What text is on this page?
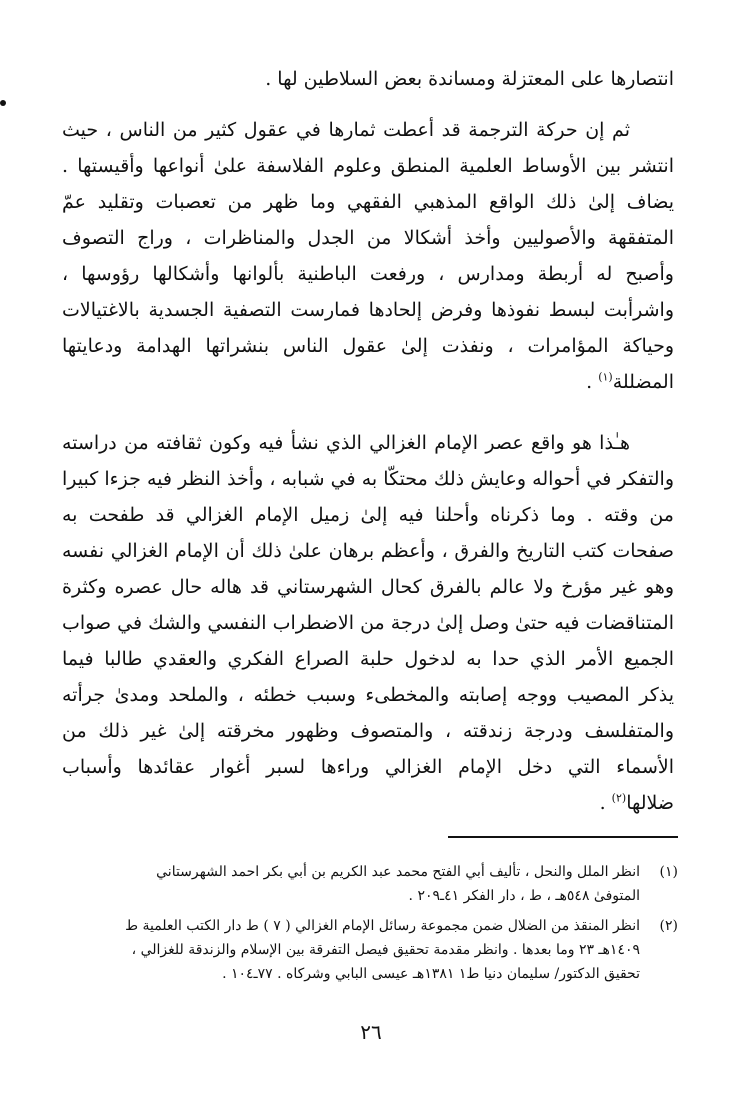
انتصارها على المعتزلة ومساندة بعض السلاطين لها .
ثم إن حركة الترجمة قد أعطت ثمارها في عقول كثير من الناس ، حيث
انتشر بين الأوساط العلمية المنطق وعلوم الفلاسفة علىٰ أنواعها وأقيستها .
يضاف إلىٰ ذلك الواقع المذهبي الفقهي وما ظهر من تعصبات وتقليد عمّ
المتفقهة والأصوليين وأخذ أشكالا من الجدل والمناظرات ، وراج التصوف
وأصبح له أربطة ومدارس ، ورفعت الباطنية بألوانها وأشكالها رؤوسها ،
واشرأبت لبسط نفوذها وفرض إلحادها فمارست التصفية الجسدية بالاغتيالات
وحياكة المؤامرات ، ونفذت إلىٰ عقول الناس بنشراتها الهدامة ودعايتها
المضللة$^{(١)}$ .
هـٰذا هو واقع عصر الإمام الغزالي الذي نشأ فيه وكون ثقافته من دراسته
والتفكر في أحواله وعايش ذلك محتكّا به في شبابه ، وأخذ النظر فيه جزءا كبيرا
من وقته . وما ذكرناه وأحلنا فيه إلىٰ زميل الإمام الغزالي قد طفحت به
صفحات كتب التاريخ والفرق ، وأعظم برهان علىٰ ذلك أن الإمام الغزالي نفسه
وهو غير مؤرخ ولا عالم بالفرق كحال الشهرستاني قد هاله حال عصره وكثرة
المتناقضات فيه حتىٰ وصل إلىٰ درجة من الاضطراب النفسي والشك في صواب
الجميع الأمر الذي حدا به لدخول حلبة الصراع الفكري والعقدي طالبا فيما
يذكر المصيب ووجه إصابته والمخطىء وسبب خطئه ، والملحد ومدىٰ جرأته
والمتفلسف ودرجة زندقته ، والمتصوف وظهور مخرقته إلىٰ غير ذلك من
الأسماء التي دخل الإمام الغزالي وراءها لسبر أغوار عقائدها وأسباب
ضلالها$^{(٢)}$ .
(١)
انظر الملل والنحل ، تأليف أبي الفتح محمد عبد الكريم بن أبي بكر احمد الشهرستاني
المتوفىٰ ٥٤٨هـ ، ط ، دار الفكر ٤١ـ٢٠٩ .
(٢)
انظر المنقذ من الضلال ضمن مجموعة رسائل الإمام الغزالي ( ٧ ) ط دار الكتب العلمية ط
١٤٠٩هـ ٢٣ وما بعدها . وانظر مقدمة تحقيق فيصل التفرقة بين الإسلام والزندقة للغزالي ،
تحقيق الدكتور/ سليمان دنيا ط١ ١٣٨١هـ عيسى البابي وشركاه . ٧٧ـ١٠٤ .
٢٦
